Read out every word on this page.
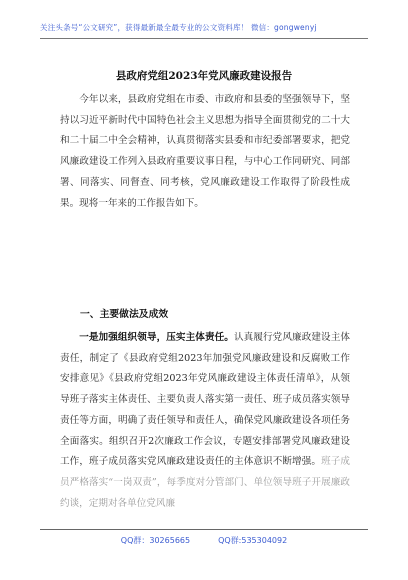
关注头条号“公文研究”，获得最新最全最专业的公文资料库！ 微信：gongwenyj
县政府党组2023年党风廉政建设报告
今年以来，县政府党组在市委、市政府和县委的坚强领导下，坚持以习近平新时代中国特色社会主义思想为指导全面贯彻党的二十大和二十届二中全会精神，认真贯彻落实县委和市纪委部署要求，把党风廉政建设工作列入县政府重要议事日程，与中心工作同研究、同部署、同落实、同督查、同考核，党风廉政建设工作取得了阶段性成果。现将一年来的工作报告如下。
一、主要做法及成效
一是加强组织领导，压实主体责任。认真履行党风廉政建设主体责任，制定了《县政府党组2023年加强党风廉政建设和反腐败工作安排意见》《县政府党组2023年党风廉政建设主体责任清单》，从领导班子落实主体责任、主要负责人落实第一责任、班子成员落实领导责任等方面，明确了责任领导和责任人，确保党风廉政建设各项任务全面落实。组织召开2次廉政工作会议，专题安排部署党风廉政建设工作，班子成员落实党风廉政建设责任的主体意识不断增强。班子成员严格落实“一岗双责”，每季度对分管部门、单位领导班子开展廉政约谈，定期对各单位党风廉
QQ群：30265665	QQ群:535304092
